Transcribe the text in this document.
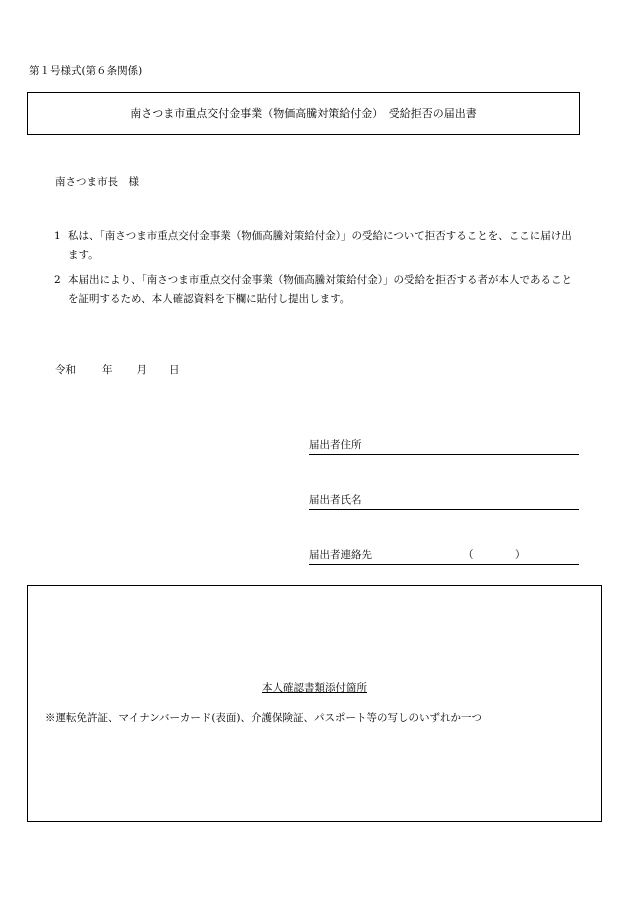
第１号様式(第６条関係)
南さつま市重点交付金事業（物価高騰対策給付金）　受給拒否の届出書
南さつま市長　様
1 私は、「南さつま市重点交付金事業（物価高騰対策給付金）」の受給について拒否することを、ここに届け出ます。
2 本届出により、「南さつま市重点交付金事業（物価高騰対策給付金）」の受給を拒否する者が本人であることを証明するため、本人確認資料を下欄に貼付し提出します。
令和 年 月 日
届出者住所
届出者氏名
届出者連絡先	（	）
本人確認書類添付箇所
※運転免許証、マイナンバーカード(表面)、介護保険証、パスポート等の写しのいずれか一つ
